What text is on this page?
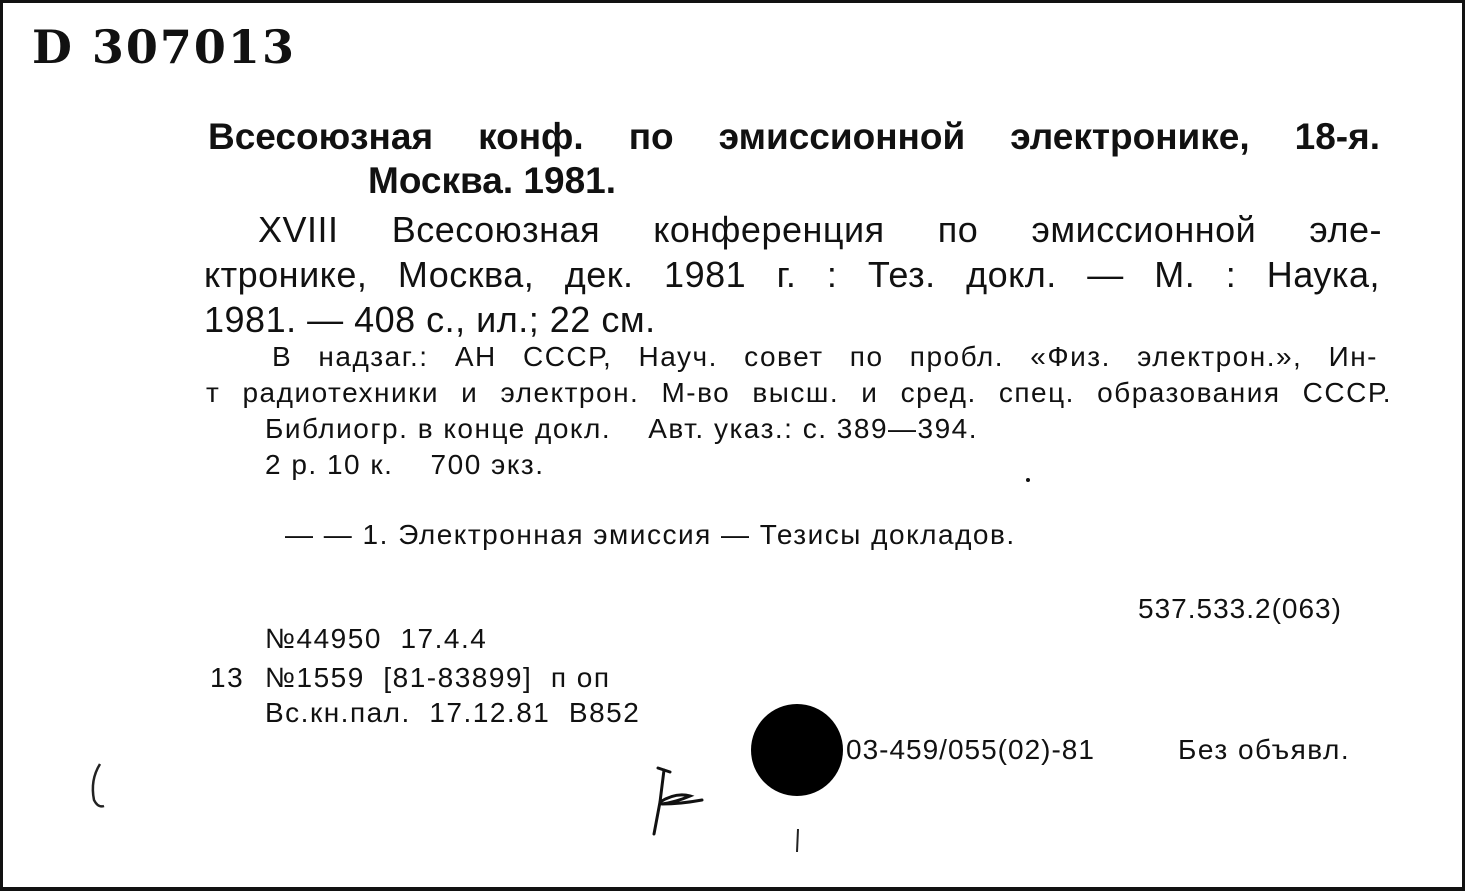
D 307013
Всесоюзная конф. по эмиссионной электронике, 18-я.
Москва. 1981.
XVIII Всесоюзная конференция по эмиссионной эле-
ктронике, Москва, дек. 1981 г. : Тез. докл. — М. : Наука,
1981. — 408 с., ил.; 22 см.
В надзаг.: АН СССР, Науч. совет по пробл. «Физ. электрон.», Ин-
т радиотехники и электрон. М-во высш. и сред. спец. образования СССР.
Библиогр. в конце докл.    Авт. указ.: с. 389—394.
2 р. 10 к.    700 экз.
— — 1. Электронная эмиссия — Тезисы докладов.
537.533.2(063)
№44950  17.4.4
13 №1559  [81-83899]  п оп
Вс.кн.пал.  17.12.81  В852
03-459/055(02)-81	Без объявл.
